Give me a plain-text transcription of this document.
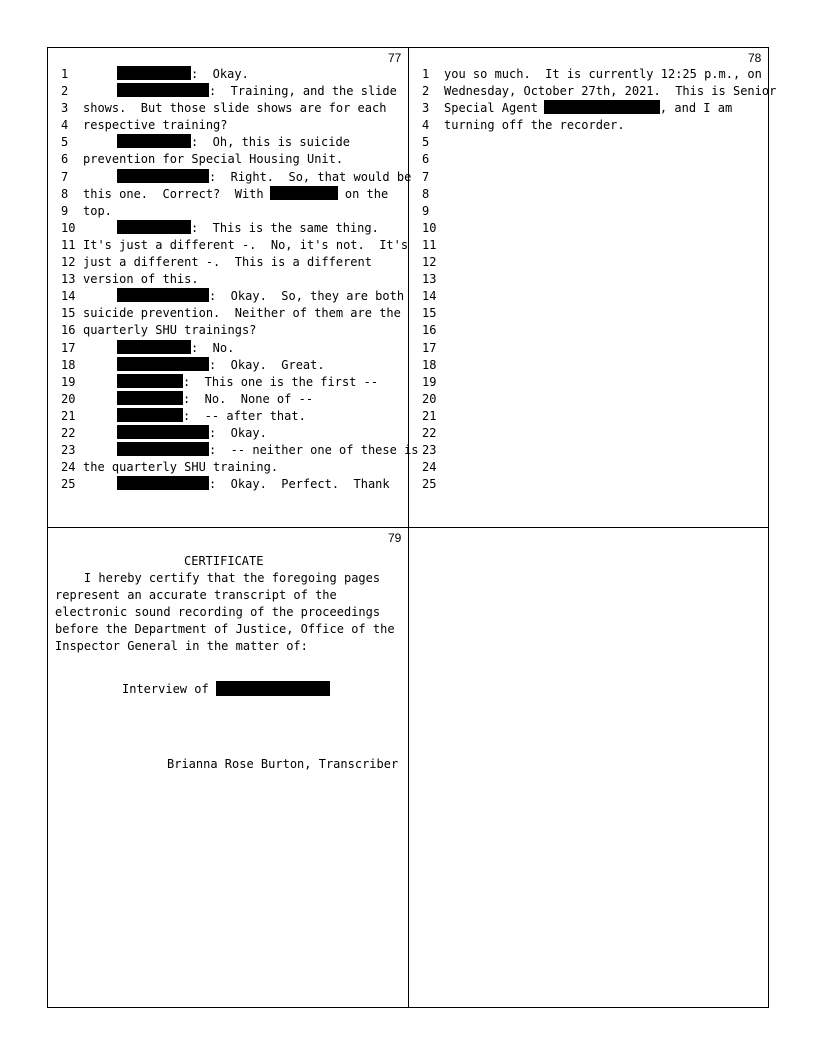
77	78
79
1	:  Okay.
2	:  Training, and the slide
3	shows.  But those slide shows are for each
4	respective training?
5	:  Oh, this is suicide
6	prevention for Special Housing Unit.
7	:  Right.  So, that would be
8	this one.  Correct?  With	on the
9	top.
10	:  This is the same thing.
11 It's just a different -.  No, it's not.  It's
12 just a different -.  This is a different
13 version of this.
14	:  Okay.  So, they are both
15 suicide prevention.  Neither of them are the
16 quarterly SHU trainings?
17	:  No.
18	:  Okay.  Great.
19	:  This one is the first --
20	:  No.  None of --
21	:  -- after that.
22	:  Okay.
23	:  -- neither one of these is
24 the quarterly SHU training.
25	:  Okay.  Perfect.  Thank
1	you so much.  It is currently 12:25 p.m., on
2	Wednesday, October 27th, 2021.  This is Senior
3	Special Agent	, and I am
4	turning off the recorder.
5
6
7
8
9
10
11
12
13
14
15
16
17
18
19
20
21
22
23
24
25
CERTIFICATE
I hereby certify that the foregoing pages
represent an accurate transcript of the
electronic sound recording of the proceedings
before the Department of Justice, Office of the
Inspector General in the matter of:
Interview of
Brianna Rose Burton, Transcriber
